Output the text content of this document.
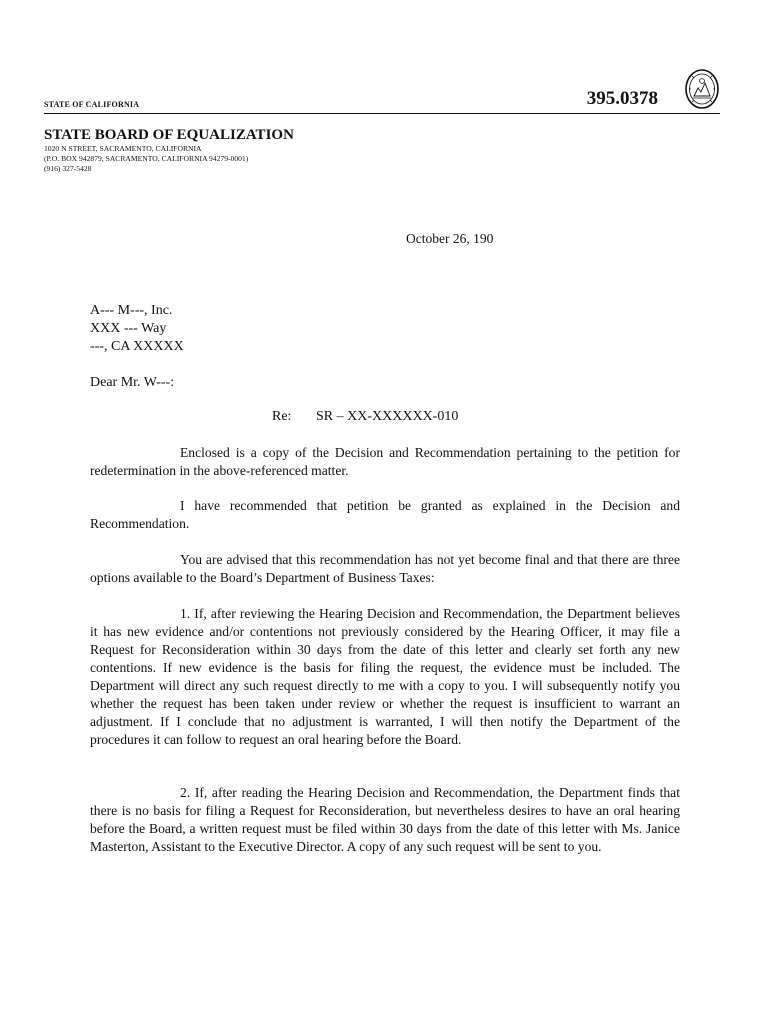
395.0378
STATE OF CALIFORNIA
STATE BOARD OF EQUALIZATION
1020 N STREET, SACRAMENTO, CALIFORNIA
(P.O. BOX 942879, SACRAMENTO, CALIFORNIA 94279-0001)
(916) 327-5428
October 26, 190
A--- M---, Inc.
XXX --- Way
---, CA XXXXX
Dear Mr. W---:
Re: SR – XX-XXXXXX-010

Enclosed is a copy of the Decision and Recommendation pertaining to the petition for redetermination in the above-referenced matter.

I have recommended that petition be granted as explained in the Decision and Recommendation.

You are advised that this recommendation has not yet become final and that there are three options available to the Board’s Department of Business Taxes:

1. If, after reviewing the Hearing Decision and Recommendation, the Department believes it has new evidence and/or contentions not previously considered by the Hearing Officer, it may file a Request for Reconsideration within 30 days from the date of this letter and clearly set forth any new contentions. If new evidence is the basis for filing the request, the evidence must be included. The Department will direct any such request directly to me with a copy to you. I will subsequently notify you whether the request has been taken under review or whether the request is insufficient to warrant an adjustment. If I conclude that no adjustment is warranted, I will then notify the Department of the procedures it can follow to request an oral hearing before the Board.

2. If, after reading the Hearing Decision and Recommendation, the Department finds that there is no basis for filing a Request for Reconsideration, but nevertheless desires to have an oral hearing before the Board, a written request must be filed within 30 days from the date of this letter with Ms. Janice Masterton, Assistant to the Executive Director. A copy of any such request will be sent to you.
